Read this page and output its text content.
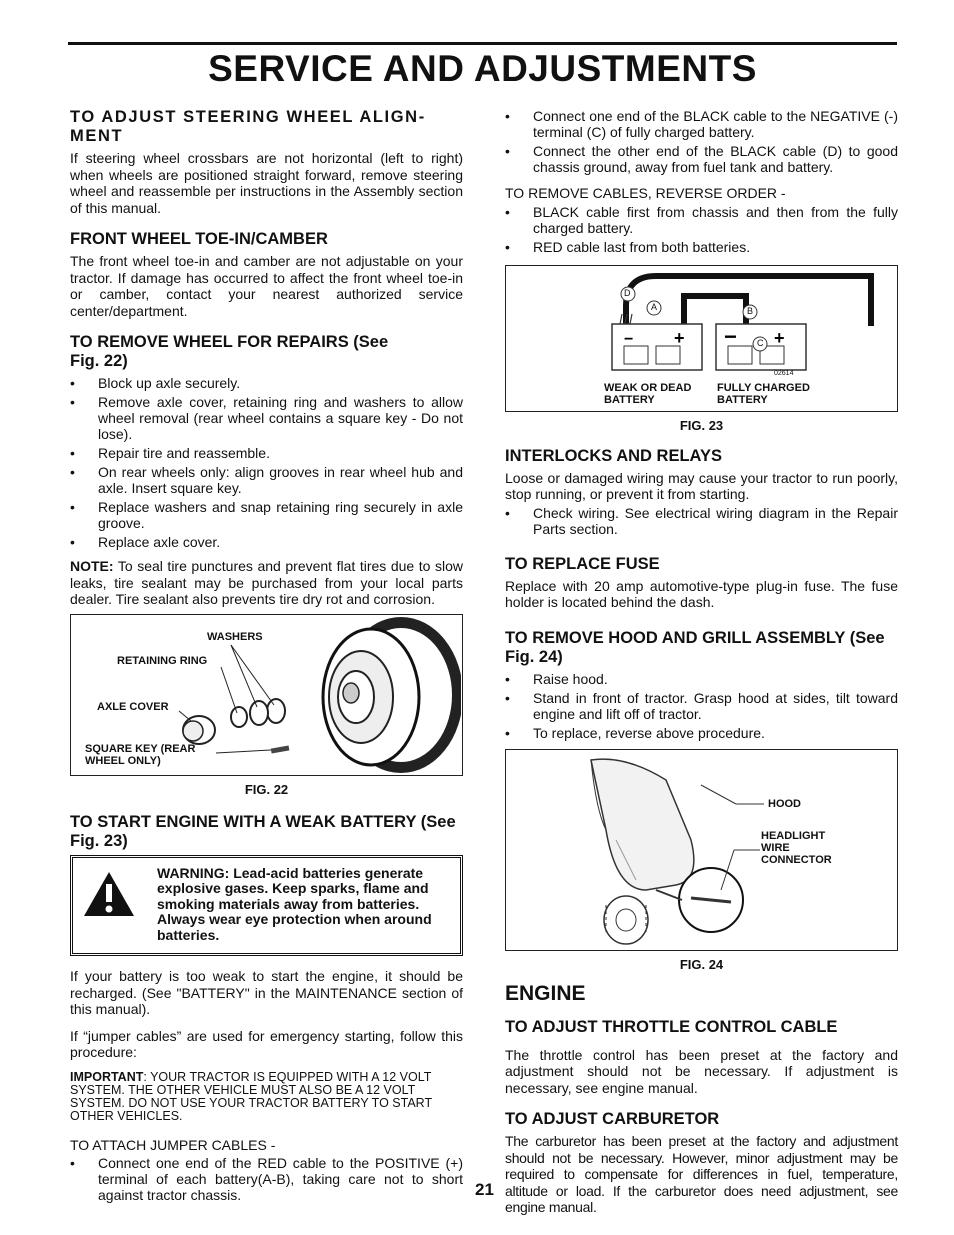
SERVICE AND ADJUSTMENTS
TO ADJUST STEERING WHEEL ALIGN- MENT

If steering wheel crossbars are not horizontal (left to right) when wheels are positioned straight forward, remove steering wheel and reassemble per instructions in the Assembly section of this manual.

FRONT WHEEL TOE-IN/CAMBER

The front wheel toe-in and camber are not adjustable on your tractor. If damage has occurred to affect the front wheel toe-in or camber, contact your nearest authorized service center/department.

TO REMOVE WHEEL FOR REPAIRS (See Fig. 22)
• Block up axle securely.
• Remove axle cover, retaining ring and washers to allow wheel removal (rear wheel contains a square key - Do not lose).
• Repair tire and reassemble.
• On rear wheels only: align grooves in rear wheel hub and axle. Insert square key.
• Replace washers and snap retaining ring securely in axle groove.
• Replace axle cover.

NOTE: To seal tire punctures and prevent flat tires due to slow leaks, tire sealant may be purchased from your local parts dealer. Tire sealant also prevents tire dry rot and corrosion.

WASHERS
RETAINING RING
AXLE COVER
SQUARE KEY (REAR WHEEL ONLY)
FIG. 22
TO START ENGINE WITH A WEAK BATTERY (See Fig. 23)
WARNING: Lead-acid batteries generate explosive gases. Keep sparks, flame and smoking materials away from batteries. Always wear eye protection when around batteries.

If your battery is too weak to start the engine, it should be recharged. (See "BATTERY" in the MAINTENANCE section of this manual).

If “jumper cables” are used for emergency starting, follow this procedure:

IMPORTANT: YOUR TRACTOR IS EQUIPPED WITH A 12 VOLT SYSTEM. THE OTHER VEHICLE MUST ALSO BE A 12 VOLT SYSTEM. DO NOT USE YOUR TRACTOR BATTERY TO START OTHER VEHICLES.

TO ATTACH JUMPER CABLES -

• Connect one end of the RED cable to the POSITIVE (+) terminal of each battery(A-B), taking care not to short against tractor chassis.
• Connect one end of the BLACK cable to the NEGATIVE (-) terminal (C) of fully charged battery.
• Connect the other end of the BLACK cable (D) to good chassis ground, away from fuel tank and battery.

TO REMOVE CABLES, REVERSE ORDER -

• BLACK cable first from chassis and then from the fully charged battery.
• RED cable last from both batteries.
− + − +
D
A	B
C
02614
WEAK OR DEAD BATTERY
FULLY CHARGED BATTERY
FIG. 23
INTERLOCKS AND RELAYS

Loose or damaged wiring may cause your tractor to run poorly, stop running, or prevent it from starting.

• Check wiring. See electrical wiring diagram in the Repair Parts section.
TO REPLACE FUSE

Replace with 20 amp automotive-type plug-in fuse. The fuse holder is located behind the dash.

TO REMOVE HOOD AND GRILL ASSEMBLY (See Fig. 24)
• Raise hood.
• Stand in front of tractor. Grasp hood at sides, tilt toward engine and lift off of tractor.
• To replace, reverse above procedure.
HOOD
HEADLIGHT WIRE CONNECTOR
FIG. 24
ENGINE
TO ADJUST THROTTLE CONTROL CABLE

The throttle control has been preset at the factory and adjustment should not be necessary. If adjustment is necessary, see engine manual.

TO ADJUST CARBURETOR

The carburetor has been preset at the factory and adjustment should not be necessary. However, minor adjustment may be required to compensate for differences in fuel, temperature, altitude or load. If the carburetor does need adjustment, see engine manual.

21
